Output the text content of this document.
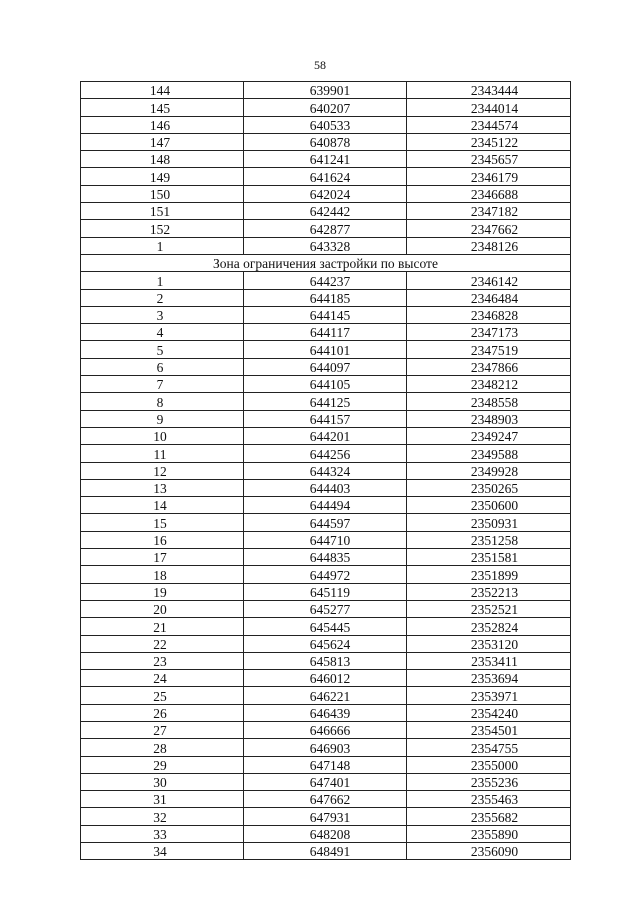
58
144	639901	2343444
145	640207	2344014
146	640533	2344574
147	640878	2345122
148	641241	2345657
149	641624	2346179
150	642024	2346688
151	642442	2347182
152	642877	2347662
1	643328	2348126
Зона ограничения застройки по высоте		
1	644237	2346142
2	644185	2346484
3	644145	2346828
4	644117	2347173
5	644101	2347519
6	644097	2347866
7	644105	2348212
8	644125	2348558
9	644157	2348903
10	644201	2349247
11	644256	2349588
12	644324	2349928
13	644403	2350265
14	644494	2350600
15	644597	2350931
16	644710	2351258
17	644835	2351581
18	644972	2351899
19	645119	2352213
20	645277	2352521
21	645445	2352824
22	645624	2353120
23	645813	2353411
24	646012	2353694
25	646221	2353971
26	646439	2354240
27	646666	2354501
28	646903	2354755
29	647148	2355000
30	647401	2355236
31	647662	2355463
32	647931	2355682
33	648208	2355890
34	648491	2356090
